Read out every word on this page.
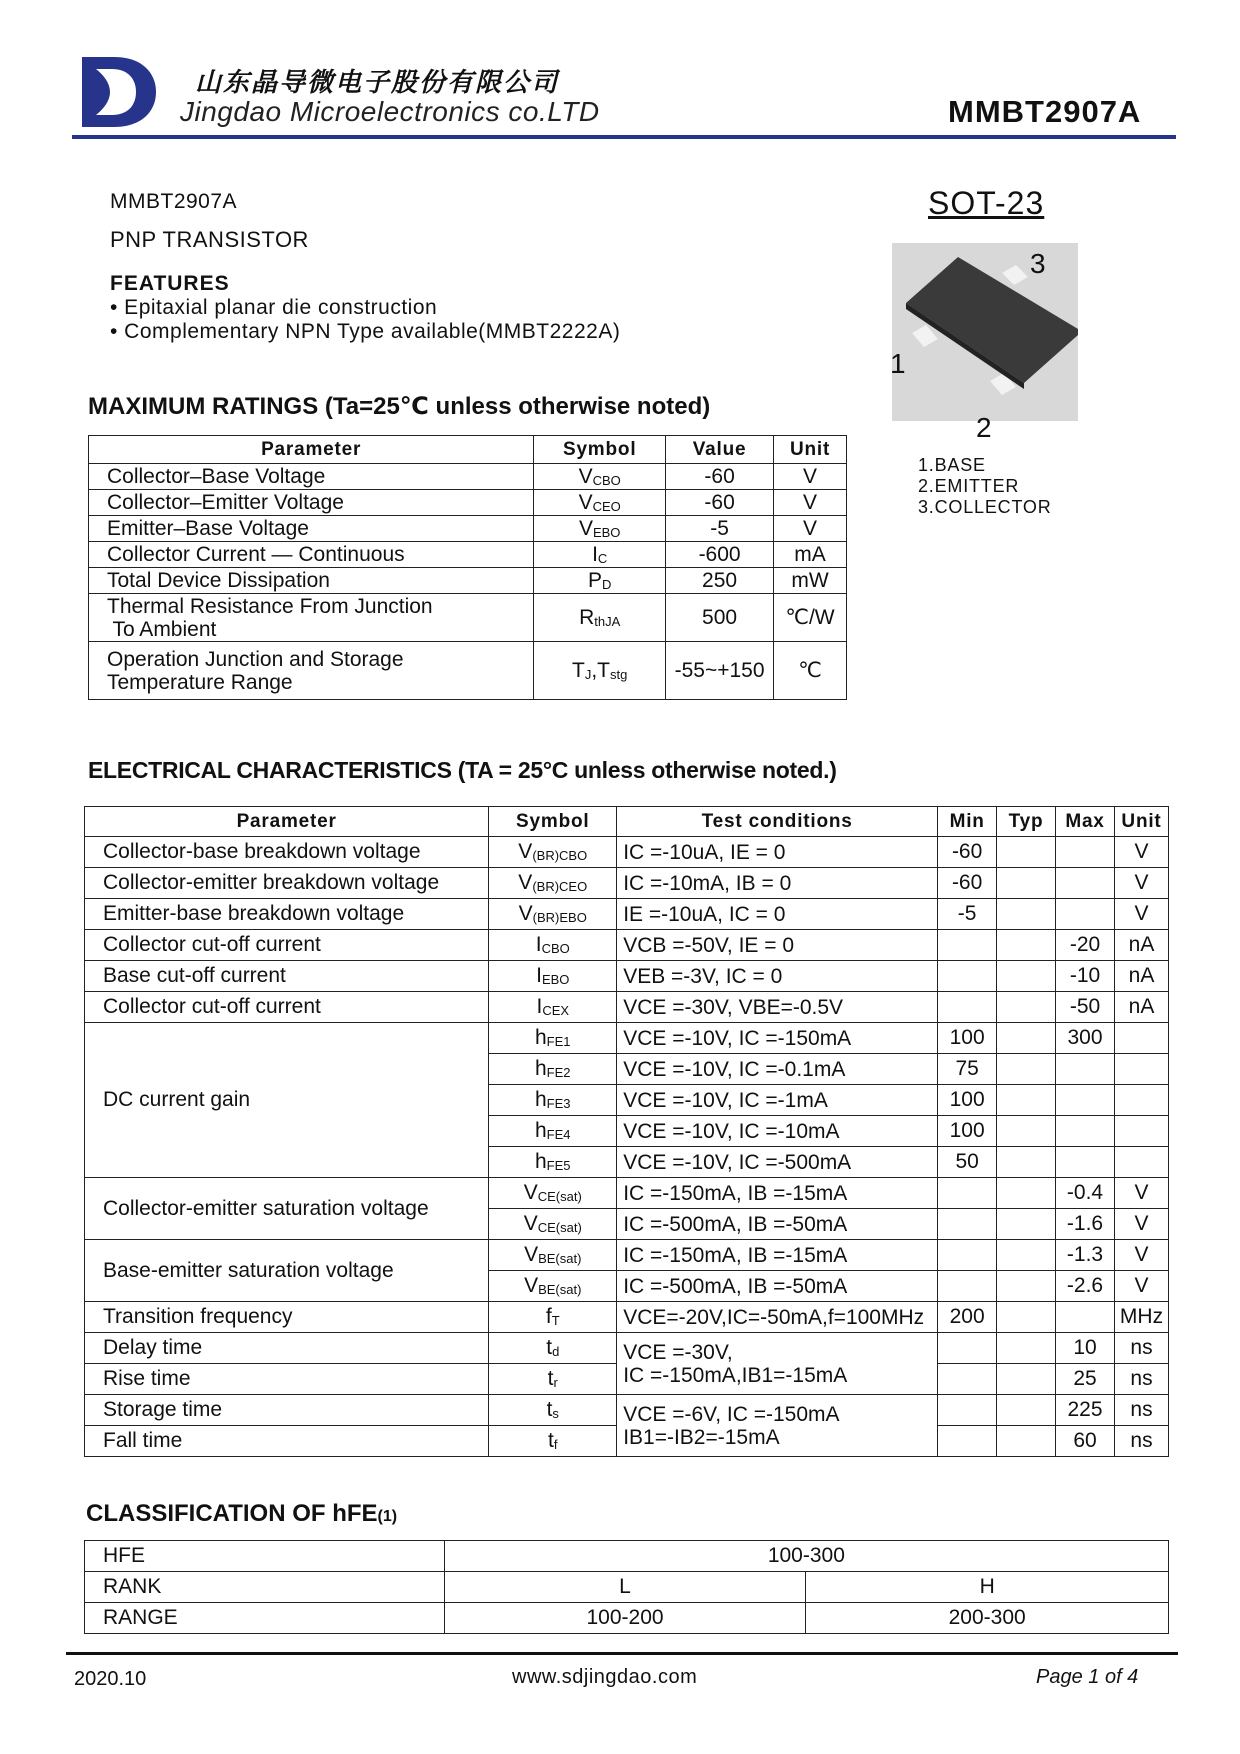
山东晶导微电子股份有限公司
Jingdao Microelectronics co.LTD	MMBT2907A
MMBT2907A
PNP TRANSISTOR
FEATURES
• Epitaxial planar die construction
• Complementary NPN Type available(MMBT2222A)
SOT-23
3
1
2
1.BASE
2.EMITTER
3.COLLECTOR
MAXIMUM RATINGS (Ta=25℃ unless otherwise noted)
Parameter	Symbol	Value	Unit

Collector–Base Voltage	VCBO	-60	V

Collector–Emitter Voltage	VCEO	-60	V

Emitter–Base Voltage	VEBO	-5	V

Collector Current — Continuous	IC	-600	mA

Total Device Dissipation	PD	250	mW

Thermal Resistance From Junction
To Ambient	RthJA	500	℃/W

Operation Junction and Storage
Temperature Range	TJ,Tstg	-55~+150	℃
ELECTRICAL CHARACTERISTICS (TA = 25°C unless otherwise noted.)
Parameter	Symbol	Test conditions	Min	Typ	Max	Unit
Collector-base breakdown voltage	V(BR)CBO	IC =-10uA, IE = 0	-60			V
Collector-emitter breakdown voltage	V(BR)CEO	IC =-10mA, IB = 0	-60			V
Emitter-base breakdown voltage	V(BR)EBO	IE =-10uA, IC = 0	-5			V
Collector cut-off current	ICBO	VCB =-50V, IE = 0			-20	nA
Base cut-off current	IEBO	VEB =-3V, IC = 0			-10	nA
Collector cut-off current	ICEX	VCE =-30V, VBE=-0.5V			-50	nA
DC current gain	hFE1	VCE =-10V, IC =-150mA	100		300	
	hFE2	VCE =-10V, IC =-0.1mA	75			
	hFE3	VCE =-10V, IC =-1mA	100			
	hFE4	VCE =-10V, IC =-10mA	100			
	hFE5	VCE =-10V, IC =-500mA	50			
Collector-emitter saturation voltage	VCE(sat)	IC =-150mA, IB =-15mA			-0.4	V
	VCE(sat)	IC =-500mA, IB =-50mA			-1.6	V
Base-emitter saturation voltage	VBE(sat)	IC =-150mA, IB =-15mA			-1.3	V
	VBE(sat)	IC =-500mA, IB =-50mA			-2.6	V
Transition frequency	fT	VCE=-20V,IC=-50mA,f=100MHz	200			MHz
Delay time	td	VCE =-30V,
IC =-150mA,IB1=-15mA			10	ns
Rise time	tr				25	ns
Storage time	ts	VCE =-6V, IC =-150mA
IB1=-IB2=-15mA			225	ns
Fall time	tf				60	ns
CLASSIFICATION OF hFE(1)
HFE	100-300	
RANK	L	H
RANGE	100-200	200-300
2020.10	www.sdjingdao.com	Page 1 of 4
